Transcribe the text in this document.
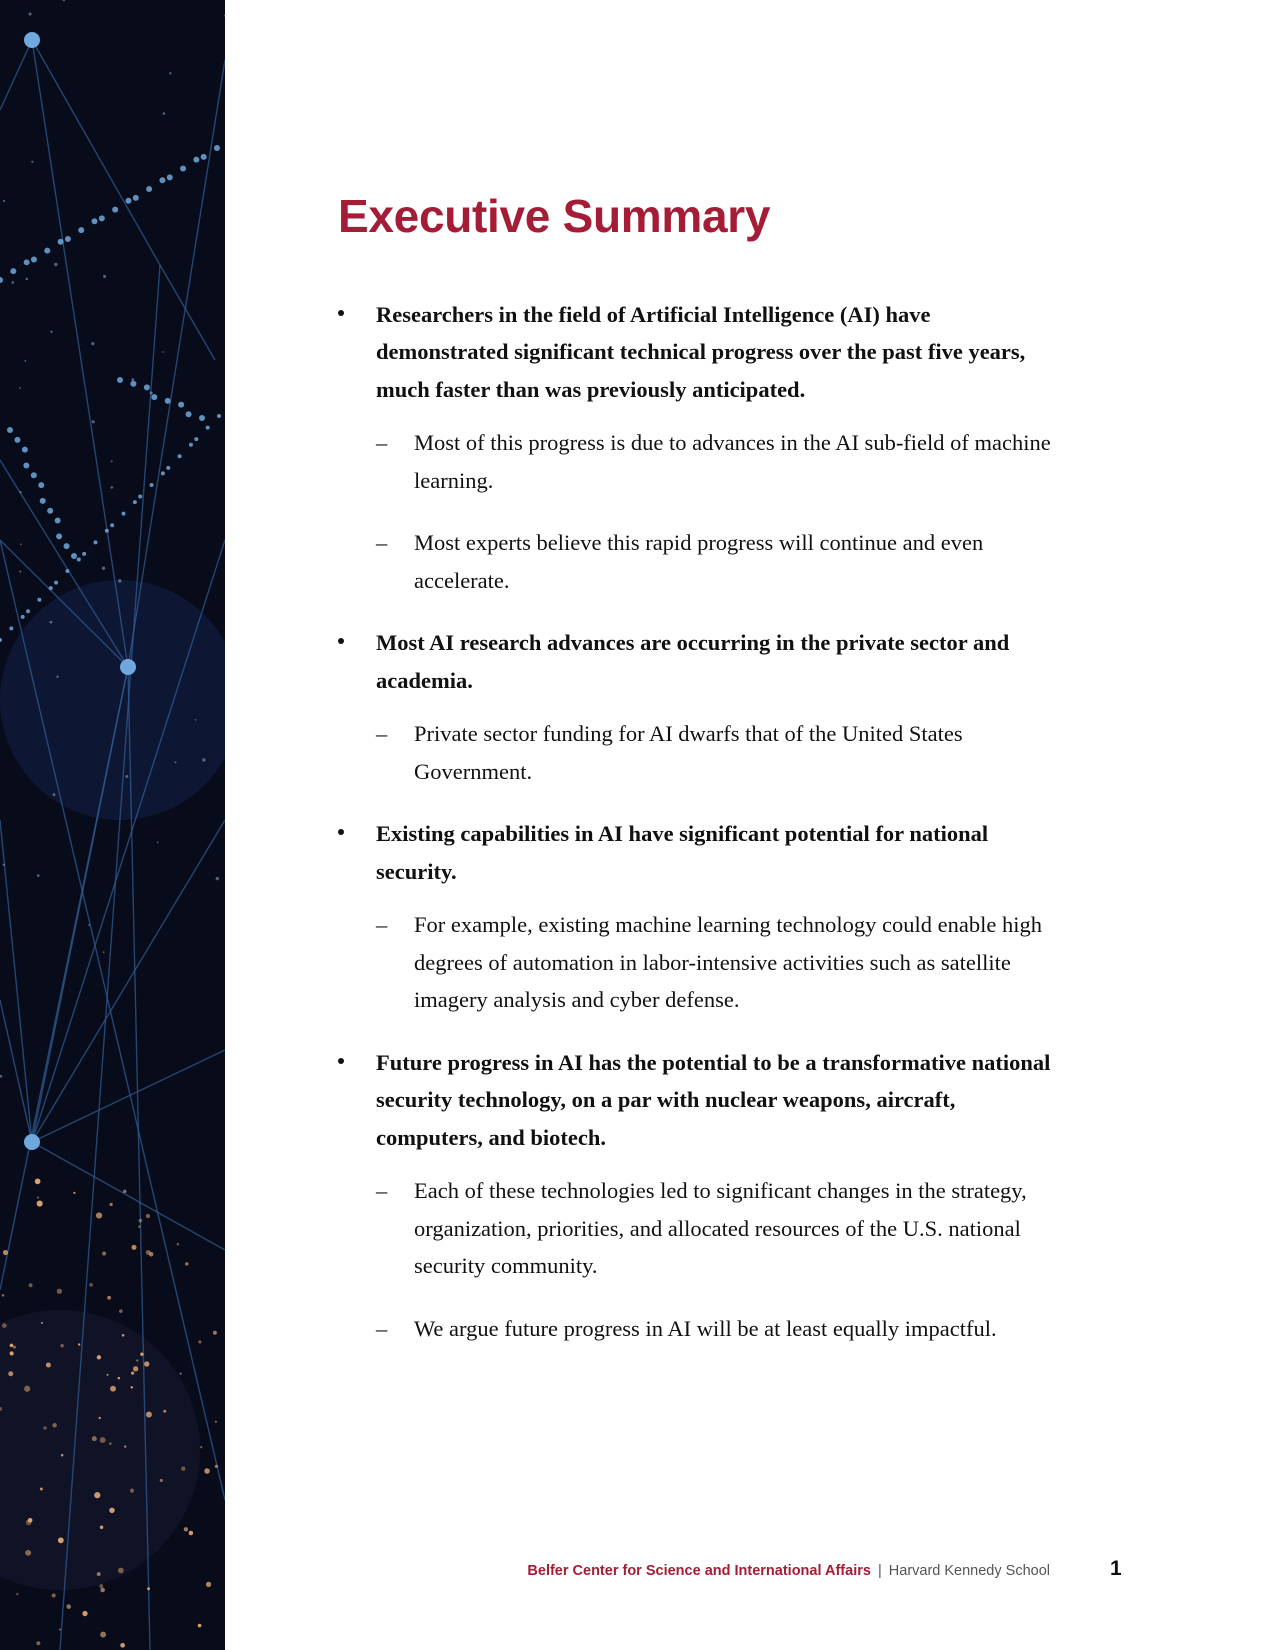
Executive Summary
Researchers in the field of Artificial Intelligence (AI) have demonstrated significant technical progress over the past five years, much faster than was previously anticipated.
– Most of this progress is due to advances in the AI sub-field of machine learning.
– Most experts believe this rapid progress will continue and even accelerate.
Most AI research advances are occurring in the private sector and academia.
– Private sector funding for AI dwarfs that of the United States Government.
Existing capabilities in AI have significant potential for national security.
– For example, existing machine learning technology could enable high degrees of automation in labor-intensive activities such as satellite imagery analysis and cyber defense.
Future progress in AI has the potential to be a transformative national security technology, on a par with nuclear weapons, aircraft, computers, and biotech.
– Each of these technologies led to significant changes in the strategy, organization, priorities, and allocated resources of the U.S. national security community.
– We argue future progress in AI will be at least equally impactful.
Belfer Center for Science and International Affairs | Harvard Kennedy School	1
